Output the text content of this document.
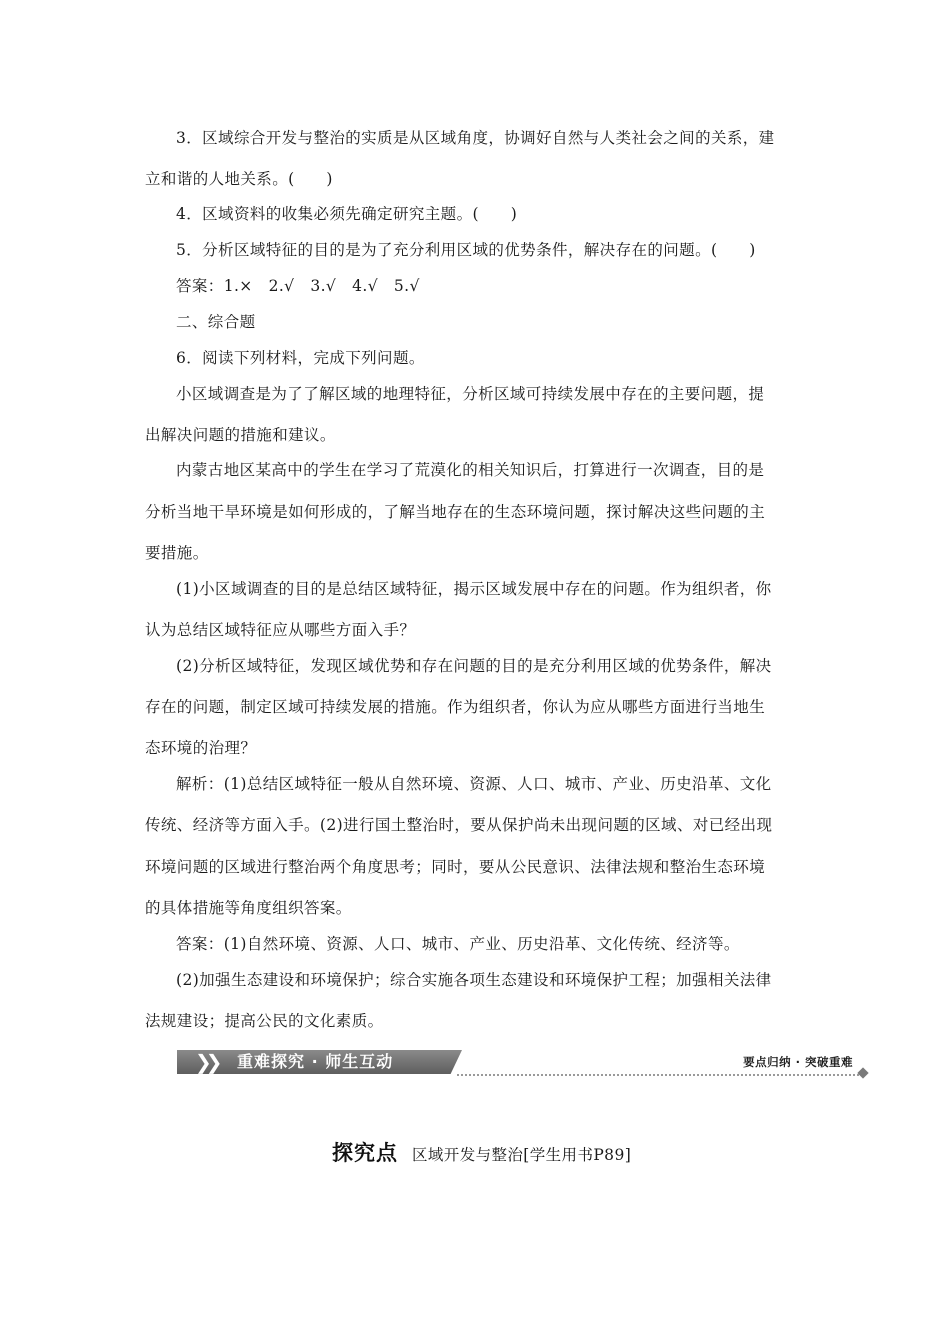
3．区域综合开发与整治的实质是从区域角度，协调好自然与人类社会之间的关系，建
立和谐的人地关系。(　　)
4．区域资料的收集必须先确定研究主题。(　　)
5．分析区域特征的目的是为了充分利用区域的优势条件，解决存在的问题。(　　)
答案：1.×　2.√　3.√　4.√　5.√
二、综合题
6．阅读下列材料，完成下列问题。
小区域调查是为了了解区域的地理特征，分析区域可持续发展中存在的主要问题，提
出解决问题的措施和建议。
内蒙古地区某高中的学生在学习了荒漠化的相关知识后，打算进行一次调查，目的是
分析当地干旱环境是如何形成的，了解当地存在的生态环境问题，探讨解决这些问题的主
要措施。
(1)小区域调查的目的是总结区域特征，揭示区域发展中存在的问题。作为组织者，你
认为总结区域特征应从哪些方面入手？
(2)分析区域特征，发现区域优势和存在问题的目的是充分利用区域的优势条件，解决
存在的问题，制定区域可持续发展的措施。作为组织者，你认为应从哪些方面进行当地生
态环境的治理？
解析：(1)总结区域特征一般从自然环境、资源、人口、城市、产业、历史沿革、文化
传统、经济等方面入手。(2)进行国土整治时，要从保护尚未出现问题的区域、对已经出现
环境问题的区域进行整治两个角度思考；同时，要从公民意识、法律法规和整治生态环境
的具体措施等角度组织答案。
答案：(1)自然环境、资源、人口、城市、产业、历史沿革、文化传统、经济等。
(2)加强生态建设和环境保护；综合实施各项生态建设和环境保护工程；加强相关法律
法规建设；提高公民的文化素质。
❯❯ 重难探究 · 师生互动	要点归纳 · 突破重难
探究点 区域开发与整治[学生用书P89]
